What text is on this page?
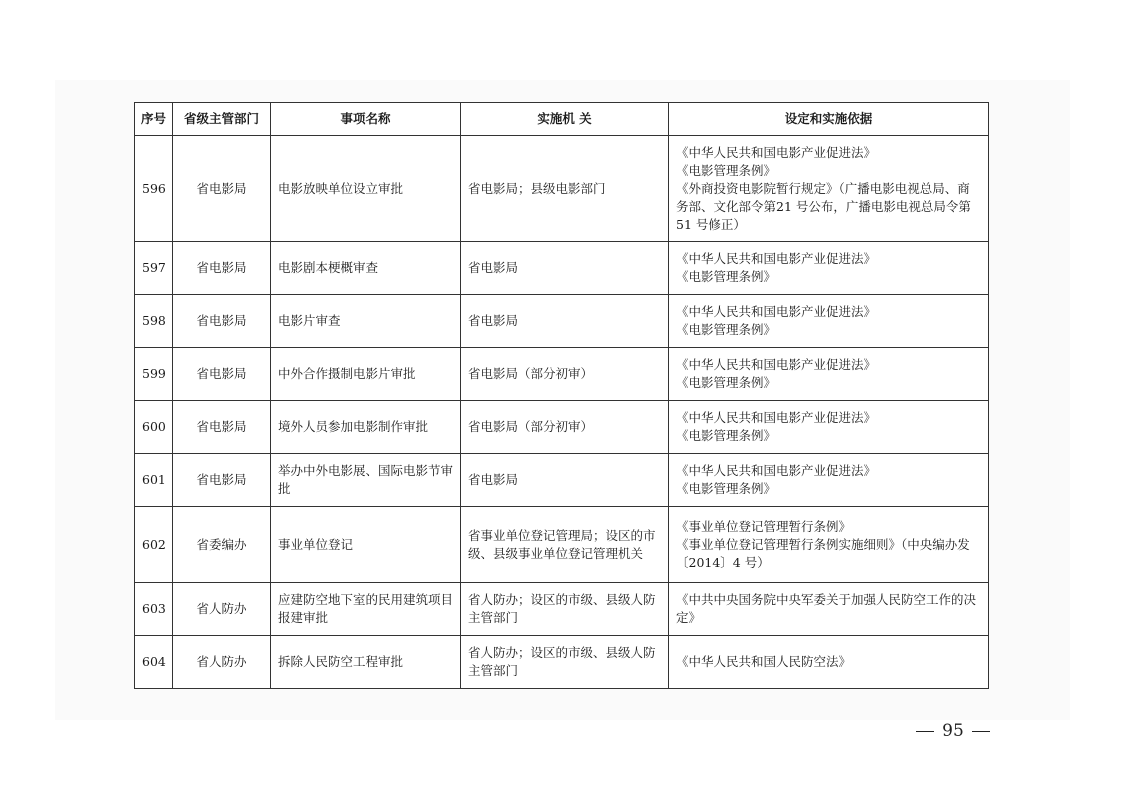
序号	省级主管部门	事项名称	实施机 关	设定和实施依据
596	省电影局	电影放映单位设立审批	省电影局；县级电影部门	《中华人民共和国电影产业促进法》
《电影管理条例》
《外商投资电影院暂行规定》（广播电影电视总局、商务部、文化部令第21 号公布，广播电影电视总局令第51 号修正）

597	省电影局	电影剧本梗概审查	省电影局	《中华人民共和国电影产业促进法》
《电影管理条例》

598	省电影局	电影片审查	省电影局	《中华人民共和国电影产业促进法》
《电影管理条例》

599	省电影局	中外合作摄制电影片审批	省电影局（部分初审）	《中华人民共和国电影产业促进法》
《电影管理条例》

600	省电影局	境外人员参加电影制作审批	省电影局（部分初审）	《中华人民共和国电影产业促进法》
《电影管理条例》

601	省电影局	举办中外电影展、国际电影节审批	省电影局	《中华人民共和国电影产业促进法》
《电影管理条例》

602	省委编办	事业单位登记	省事业单位登记管理局；设区的市级、县级事业单位登记管理机关	《事业单位登记管理暂行条例》
《事业单位登记管理暂行条例实施细则》（中央编办发〔2014〕4 号）

603	省人防办	应建防空地下室的民用建筑项目报建审批	省人防办；设区的市级、县级人防主管部门	《中共中央国务院中央军委关于加强人民防空工作的决定》

604	省人防办	拆除人民防空工程审批	省人防办；设区的市级、县级人防主管部门	《中华人民共和国人民防空法》
95
